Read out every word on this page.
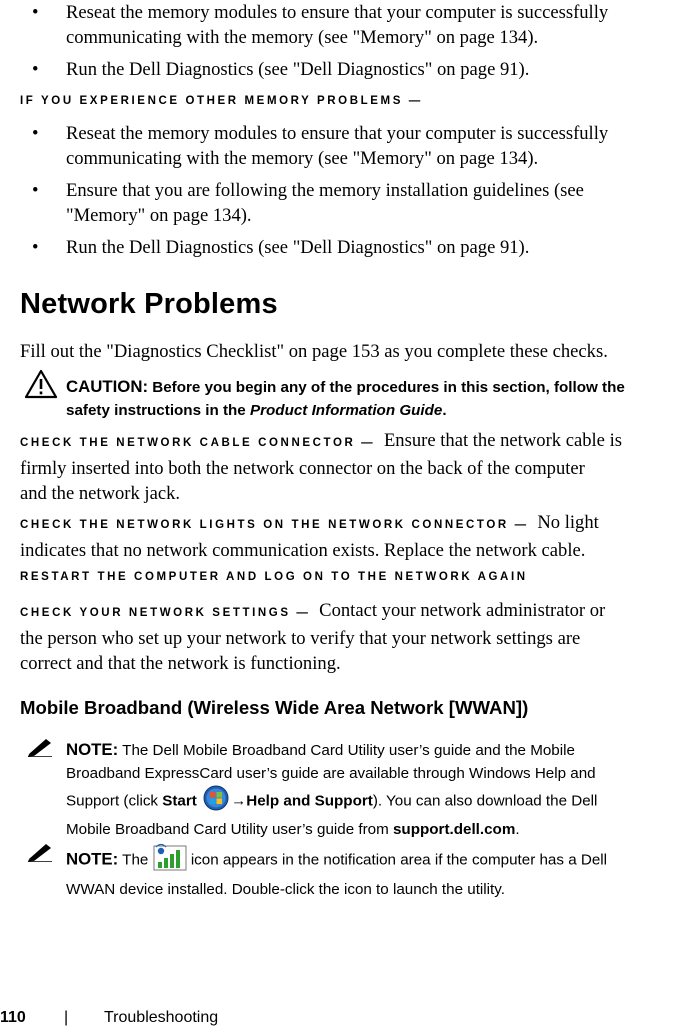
• Reseat the memory modules to ensure that your computer is successfully
communicating with the memory (see "Memory" on page 134).
• Run the Dell Diagnostics (see "Dell Diagnostics" on page 91).
IF YOU EXPERIENCE OTHER MEMORY PROBLEMS —
• Reseat the memory modules to ensure that your computer is successfully
communicating with the memory (see "Memory" on page 134).
• Ensure that you are following the memory installation guidelines (see
"Memory" on page 134).
• Run the Dell Diagnostics (see "Dell Diagnostics" on page 91).
Network Problems
Fill out the "Diagnostics Checklist" on page 153 as you complete these checks.
CAUTION: Before you begin any of the procedures in this section, follow the
safety instructions in the Product Information Guide.
CHECK THE NETWORK CABLE CONNECTOR — Ensure that the network cable is
firmly inserted into both the network connector on the back of the computer
and the network jack.
CHECK THE NETWORK LIGHTS ON THE NETWORK CONNECTOR — No light
indicates that no network communication exists. Replace the network cable.
RESTART THE COMPUTER AND LOG ON TO THE NETWORK AGAIN
CHECK YOUR NETWORK SETTINGS — Contact your network administrator or
the person who set up your network to verify that your network settings are
correct and that the network is functioning.
Mobile Broadband (Wireless Wide Area Network [WWAN])
NOTE: The Dell Mobile Broadband Card Utility user’s guide and the Mobile
Broadband ExpressCard user’s guide are available through Windows Help and
Support (click Start →Help and Support). You can also download the Dell
Mobile Broadband Card Utility user’s guide from support.dell.com.
NOTE: The	icon appears in the notification area if the computer has a Dell
WWAN device installed. Double-click the icon to launch the utility.
110 | Troubleshooting
